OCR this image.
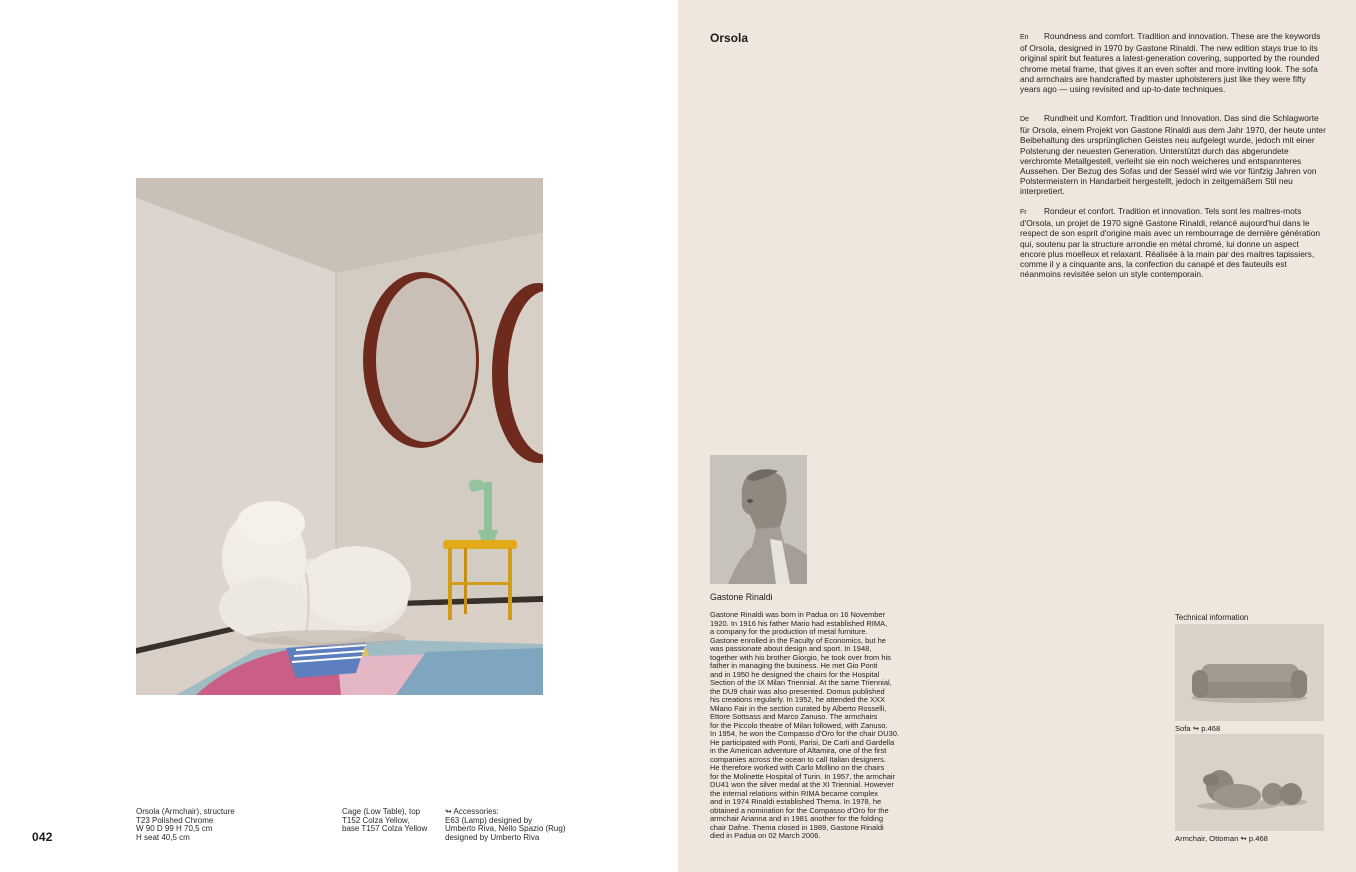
Orsola (Armchair), structure
T23 Polished Chrome
W 90 D 99 H 70,5 cm
H seat 40,5 cm
Cage (Low Table), top
T152 Colza Yellow,
base T157 Colza Yellow
↬ Accessories:
E63 (Lamp) designed by
Umberto Riva, Nello Spazio (Rug)
designed by Umberto Riva
042
Orsola	En Roundness and comfort. Tradition and innovation. These are the keywords of Orsola, designed in 1970 by Gastone Rinaldi. The new edition stays true to its original spirit but features a latest-generation covering, supported by the rounded chrome metal frame, that gives it an even softer and more inviting look. The sofa and armchairs are handcrafted by master upholsterers just like they were fifty years ago — using revisited and up-to-date techniques.
De Rundheit und Komfort. Tradition und Innovation. Das sind die Schlagworte für Orsola, einem Projekt von Gastone Rinaldi aus dem Jahr 1970, der heute unter Beibehaltung des ursprünglichen Geistes neu aufgelegt wurde, jedoch mit einer Polsterung der neuesten Generation. Unterstützt durch das abgerundete verchromte Metallgestell, verleiht sie ein noch weicheres und entspannteres Aussehen. Der Bezug des Sofas und der Sessel wird wie vor fünfzig Jahren von Polstermeistern in Handarbeit hergestellt, jedoch in zeitgemäßem Stil neu interpretiert.
Fr Rondeur et confort. Tradition et innovation. Tels sont les maitres-mots d'Orsola, un projet de 1970 signé Gastone Rinaldi, relancé aujourd'hui dans le respect de son esprit d'origine mais avec un rembourrage de dernière génération qui, soutenu par la structure arrondie en métal chromé, lui donne un aspect encore plus moelleux et relaxant. Réalisée à la main par des maitres tapissiers, comme il y a cinquante ans, la confection du canapé et des fauteuils est néanmoins revisitée selon un style contemporain.
Gastone Rinaldi
Gastone Rinaldi was born in Padua on 16 November
1920. In 1916 his father Mario had established RIMA,
a company for the production of metal furniture.
Gastone enrolled in the Faculty of Economics, but he
was passionate about design and sport. In 1948,
together with his brother Giorgio, he took over from his
father in managing the business. He met Gio Ponti
and in 1950 he designed the chairs for the Hospital
Section of the IX Milan Triennial. At the same Triennial,
the DU9 chair was also presented. Domus published
his creations regularly. In 1952, he attended the XXX
Milano Fair in the section curated by Alberto Rosselli,
Ettore Sottsass and Marco Zanuso. The armchairs
for the Piccolo theatre of Milan followed, with Zanuso.
In 1954, he won the Compasso d'Oro for the chair DU30.
He participated with Ponti, Parisi, De Carli and Gardella
in the American adventure of Altamira, one of the first
companies across the ocean to call Italian designers.
He therefore worked with Carlo Mollino on the chairs
for the Molinette Hospital of Turin. In 1957, the armchair
DU41 won the silver medal at the XI Triennial. However
the internal relations within RIMA became complex
and in 1974 Rinaldi established Thema. In 1978, he
obtained a nomination for the Compasso d'Oro for the
armchair Arianna and in 1981 another for the folding
chair Dafne. Thema closed in 1989, Gastone Rinaldi
died in Padua on 02 March 2006.
Technical information
Sofa ↬ p.468
Armchair, Ottoman ↬ p.468
